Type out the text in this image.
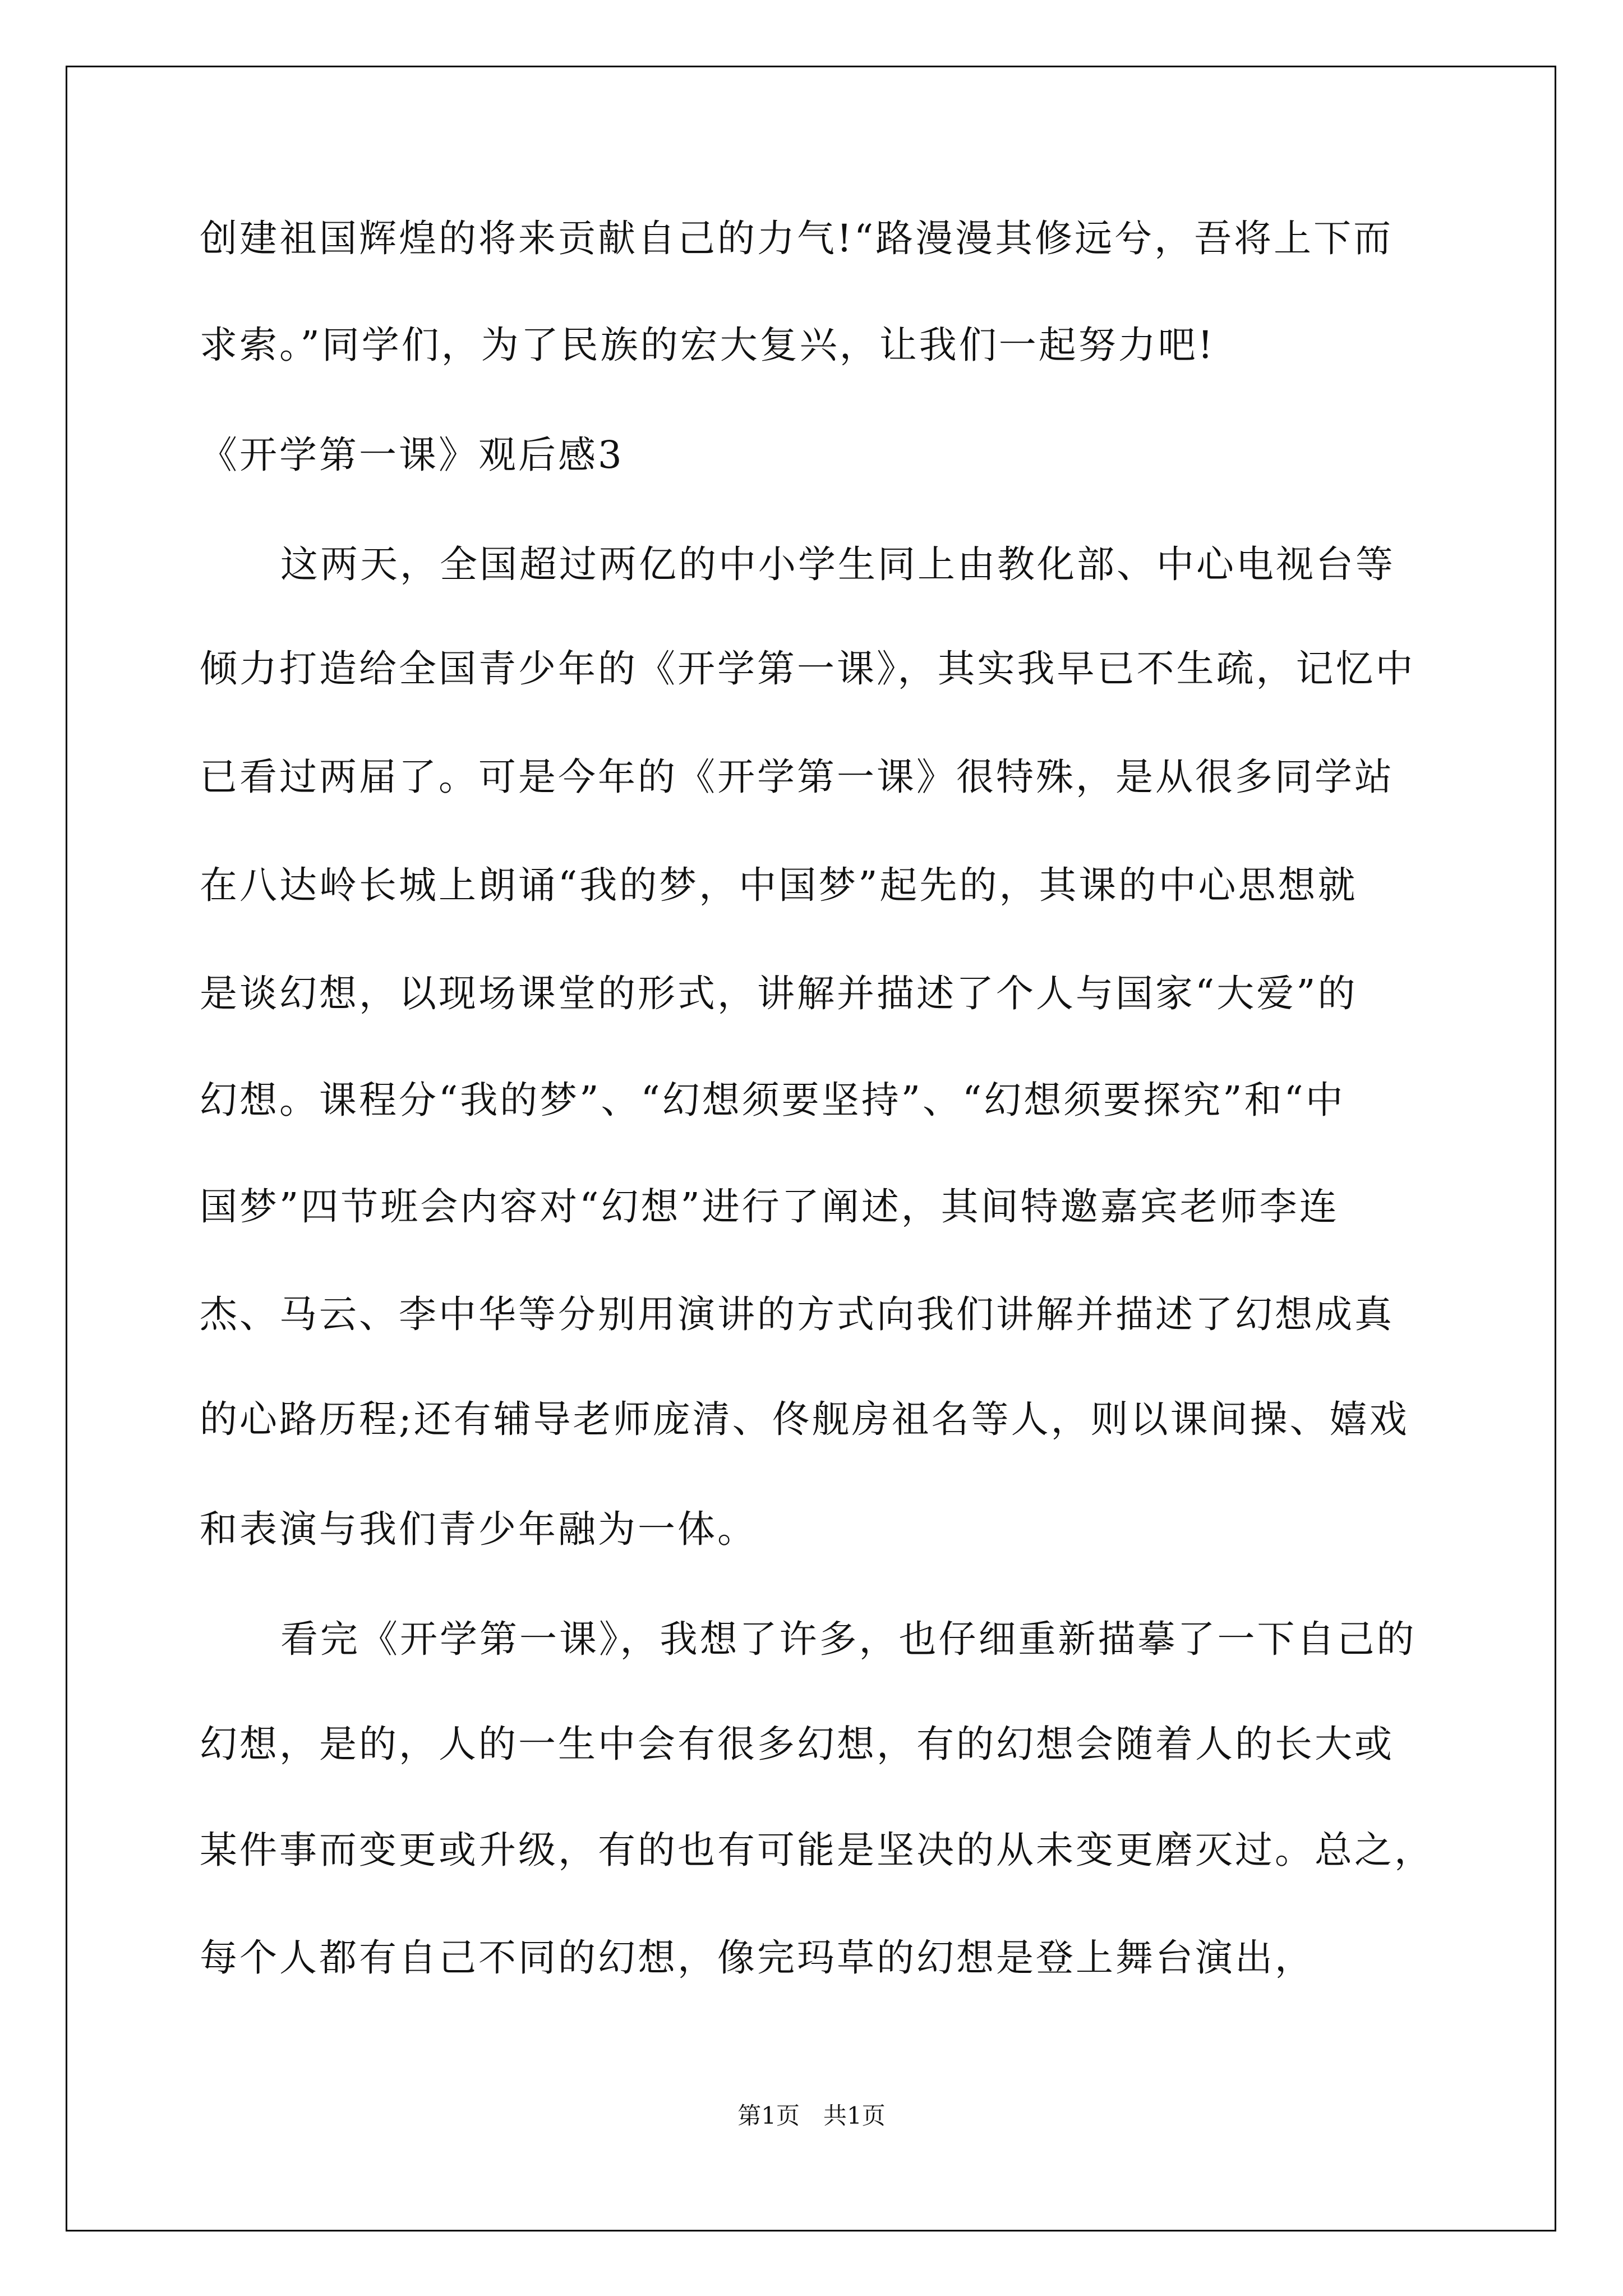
创建祖国辉煌的将来贡献自己的力气!“路漫漫其修远兮，吾将上下而
求索。”同学们，为了民族的宏大复兴，让我们一起努力吧!
《开学第一课》观后感3
这两天，全国超过两亿的中小学生同上由教化部、中心电视台等
倾力打造给全国青少年的《开学第一课》，其实我早已不生疏，记忆中
已看过两届了。可是今年的《开学第一课》很特殊，是从很多同学站
在八达岭长城上朗诵“我的梦，中国梦”起先的，其课的中心思想就
是谈幻想，以现场课堂的形式，讲解并描述了个人与国家“大爱”的
幻想。课程分“我的梦”、“幻想须要坚持”、“幻想须要探究”和“中
国梦”四节班会内容对“幻想”进行了阐述，其间特邀嘉宾老师李连
杰、马云、李中华等分别用演讲的方式向我们讲解并描述了幻想成真
的心路历程;还有辅导老师庞清、佟舰房祖名等人，则以课间操、嬉戏
和表演与我们青少年融为一体。
看完《开学第一课》，我想了许多，也仔细重新描摹了一下自己的
幻想，是的，人的一生中会有很多幻想，有的幻想会随着人的长大或
某件事而变更或升级，有的也有可能是坚决的从未变更磨灭过。总之，
每个人都有自己不同的幻想，像完玛草的幻想是登上舞台演出，
第1页　共1页
